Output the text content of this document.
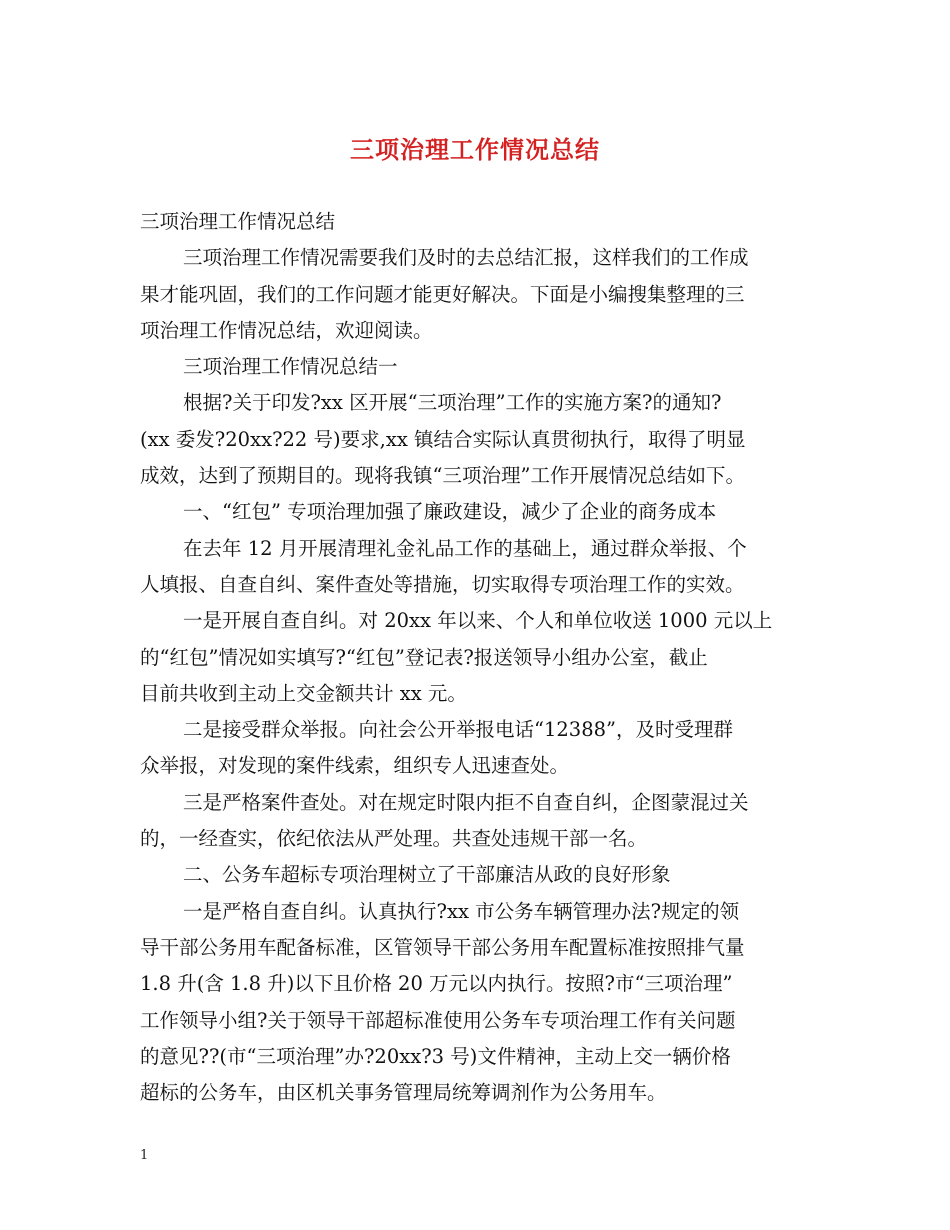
三项治理工作情况总结
三项治理工作情况总结
三项治理工作情况需要我们及时的去总结汇报，这样我们的工作成
果才能巩固，我们的工作问题才能更好解决。下面是小编搜集整理的三
项治理工作情况总结，欢迎阅读。
三项治理工作情况总结一
根据?关于印发?xx 区开展“三项治理”工作的实施方案?的通知?
(xx 委发?20xx?22 号)要求,xx 镇结合实际认真贯彻执行，取得了明显
成效，达到了预期目的。现将我镇“三项治理”工作开展情况总结如下。
一、“红包” 专项治理加强了廉政建设，减少了企业的商务成本
在去年 12 月开展清理礼金礼品工作的基础上，通过群众举报、个
人填报、自查自纠、案件查处等措施，切实取得专项治理工作的实效。
一是开展自查自纠。对 20xx 年以来、个人和单位收送 1000 元以上
的“红包”情况如实填写?“红包”登记表?报送领导小组办公室，截止
目前共收到主动上交金额共计 xx 元。
二是接受群众举报。向社会公开举报电话“12388”，及时受理群
众举报，对发现的案件线索，组织专人迅速查处。
三是严格案件查处。对在规定时限内拒不自查自纠，企图蒙混过关
的，一经查实，依纪依法从严处理。共查处违规干部一名。
二、公务车超标专项治理树立了干部廉洁从政的良好形象
一是严格自查自纠。认真执行?xx 市公务车辆管理办法?规定的领
导干部公务用车配备标准，区管领导干部公务用车配置标准按照排气量
1.8 升(含 1.8 升)以下且价格 20 万元以内执行。按照?市“三项治理”
工作领导小组?关于领导干部超标准使用公务车专项治理工作有关问题
的意见??(市“三项治理”办?20xx?3 号)文件精神，主动上交一辆价格
超标的公务车，由区机关事务管理局统筹调剂作为公务用车。
1
